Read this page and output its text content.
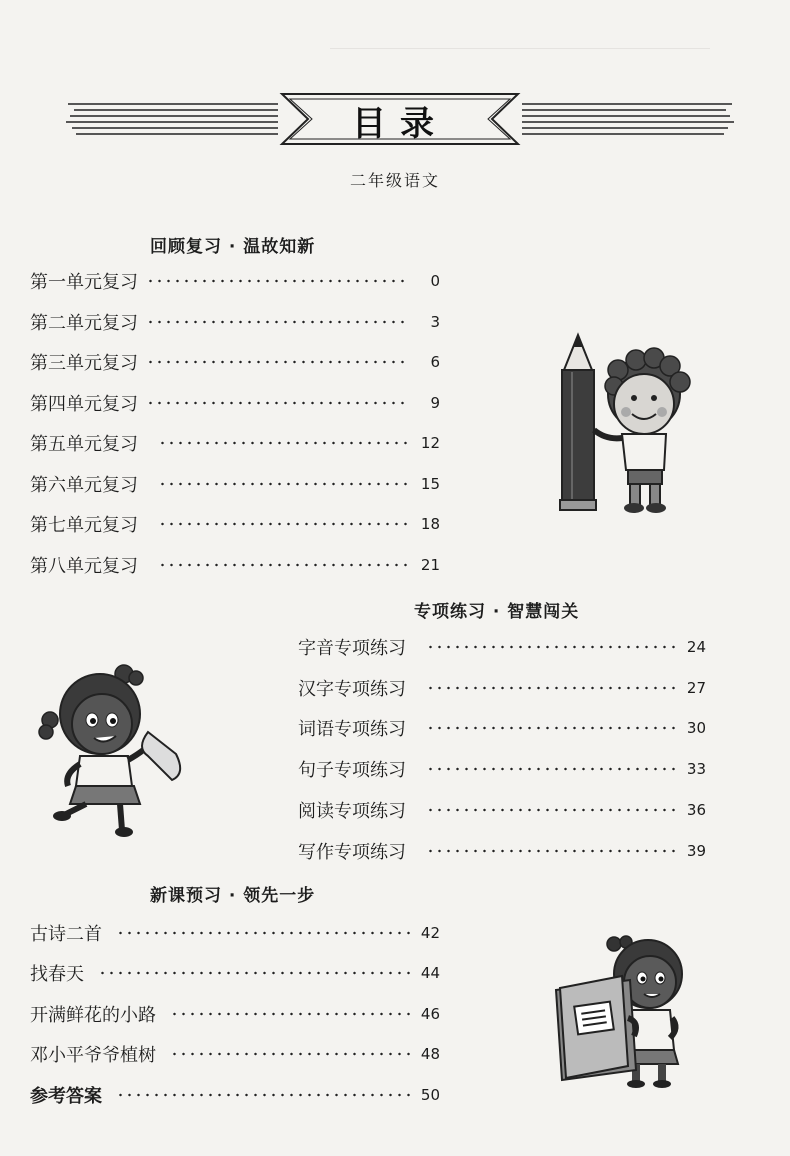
目录
二年级语文
回顾复习 · 温故知新
第一单元复习	0
第二单元复习	3
第三单元复习	6
第四单元复习	9
第五单元复习	12
第六单元复习	15
第七单元复习	18
第八单元复习	21
专项练习 · 智慧闯关
字音专项练习	24
汉字专项练习	27
词语专项练习	30
句子专项练习	33
阅读专项练习	36
写作专项练习	39
新课预习 · 领先一步
古诗二首	42
找春天	44
开满鲜花的小路	46
邓小平爷爷植树	48
参考答案	50
